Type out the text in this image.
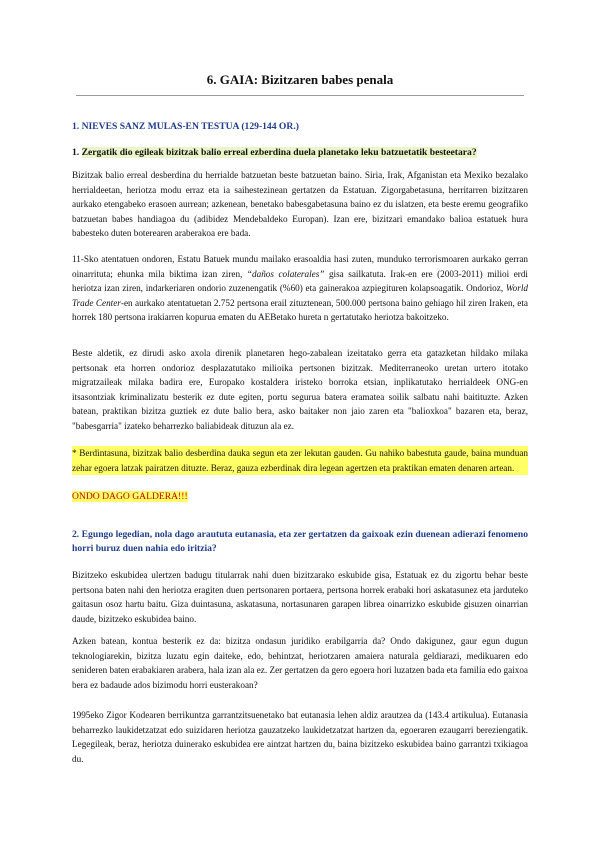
6. GAIA: Bizitzaren babes penala
1. NIEVES SANZ MULAS-EN TESTUA (129-144 OR.)
1. Zergatik dio egileak bizitzak balio erreal ezberdina duela planetako leku batzuetatik besteetara?

Bizitzak balio erreal desberdina du herrialde batzuetan beste batzuetan baino. Siria, Irak, Afganistan eta Mexiko bezalako herrialdeetan, heriotza modu erraz eta ia saihestezinean gertatzen da Estatuan. Zigorgabetasuna, herritarren bizitzaren aurkako etengabeko erasoen aurrean; azkenean, benetako babesgabetasuna baino ez du islatzen, eta beste eremu geografiko batzuetan babes handiagoa du (adibidez Mendebaldeko Europan). Izan ere, bizitzari emandako balioa estatuek hura babesteko duten boterearen araberakoa ere bada.

11-Sko atentatuen ondoren, Estatu Batuek mundu mailako erasoaldia hasi zuten, munduko terrorismoaren aurkako gerran oinarrituta; ehunka mila biktima izan ziren, “daños colaterales” gisa sailkatuta. Irak-en ere (2003-2011) milioi erdi heriotza izan ziren, indarkeriaren ondorio zuzenengatik (%60) eta gainerakoa azpiegituren kolapsoagatik. Ondorioz, World Trade Center-en aurkako atentatuetan 2.752 pertsona erail zituztenean, 500.000 pertsona baino gehiago hil ziren Iraken, eta horrek 180 pertsona irakiarren kopurua ematen du AEBetako hureta n gertatutako heriotza bakoitzeko.

Beste aldetik, ez dirudi asko axola direnik planetaren hego-zabalean izeitatako gerra eta gatazketan hildako milaka pertsonak eta horren ondorioz desplazatutako milioika pertsonen bizitzak. Mediterraneoko uretan urtero itotako migratzaileak milaka badira ere, Europako kostaldera iristeko borroka etsian, inplikatutako herrialdeek ONG-en itsasontziak kriminalizatu besterik ez dute egiten, portu segurua batera eramatea soilik salbatu nahi baitituzte. Azken batean, praktikan bizitza guztiek ez dute balio bera, asko baitaker non jaio zaren eta "balioxkoa" bazaren eta, beraz, "babesgarria" izateko beharrezko baliabideak dituzun ala ez.

* Berdintasuna, bizitzak balio desberdina dauka segun eta zer lekutan gauden. Gu nahiko babestuta gaude, baina munduan zehar egoera latzak pairatzen dituzte. Beraz, gauza ezberdinak dira legean agertzen eta praktikan ematen denaren artean.
ONDO DAGO GALDERA!!!
2. Egungo legedian, nola dago araututa eutanasia, eta zer gertatzen da gaixoak ezin duenean adierazi fenomeno horri buruz duen nahia edo iritzia?

Bizitzeko eskubidea ulertzen badugu titularrak nahi duen bizitzarako eskubide gisa, Estatuak ez du zigortu behar beste pertsona baten nahi den heriotza eragiten duen pertsonaren portaera, pertsona horrek erabaki hori askatasunez eta jarduteko gaitasun osoz hartu baitu. Giza duintasuna, askatasuna, nortasunaren garapen librea oinarrizko eskubide gisuzen oinarrian daude, bizitzeko eskubidea baino.

Azken batean, kontua besterik ez da: bizitza ondasun juridiko erabilgarria da? Ondo dakigunez, gaur egun dugun teknologiarekin, bizitza luzatu egin daiteke, edo, behintzat, heriotzaren amaiera naturala geldiarazi, medikuaren edo senideren baten erabakiaren arabera, hala izan ala ez. Zer gertatzen da gero egoera hori luzatzen bada eta familia edo gaixoa bera ez badaude ados bizimodu horri eusterakoan?

1995eko Zigor Kodearen berrikuntza garrantzitsuenetako bat eutanasia lehen aldiz arautzea da (143.4 artikulua). Eutanasia beharrezko laukidetzatzat edo suizidaren heriotza gauzatzeko laukidetzatzat hartzen da, egoeraren ezaugarri bereziengatik. Legegileak, beraz, heriotza duinerako eskubidea ere aintzat hartzen du, baina bizitzeko eskubidea baino garrantzi txikiagoa du.
